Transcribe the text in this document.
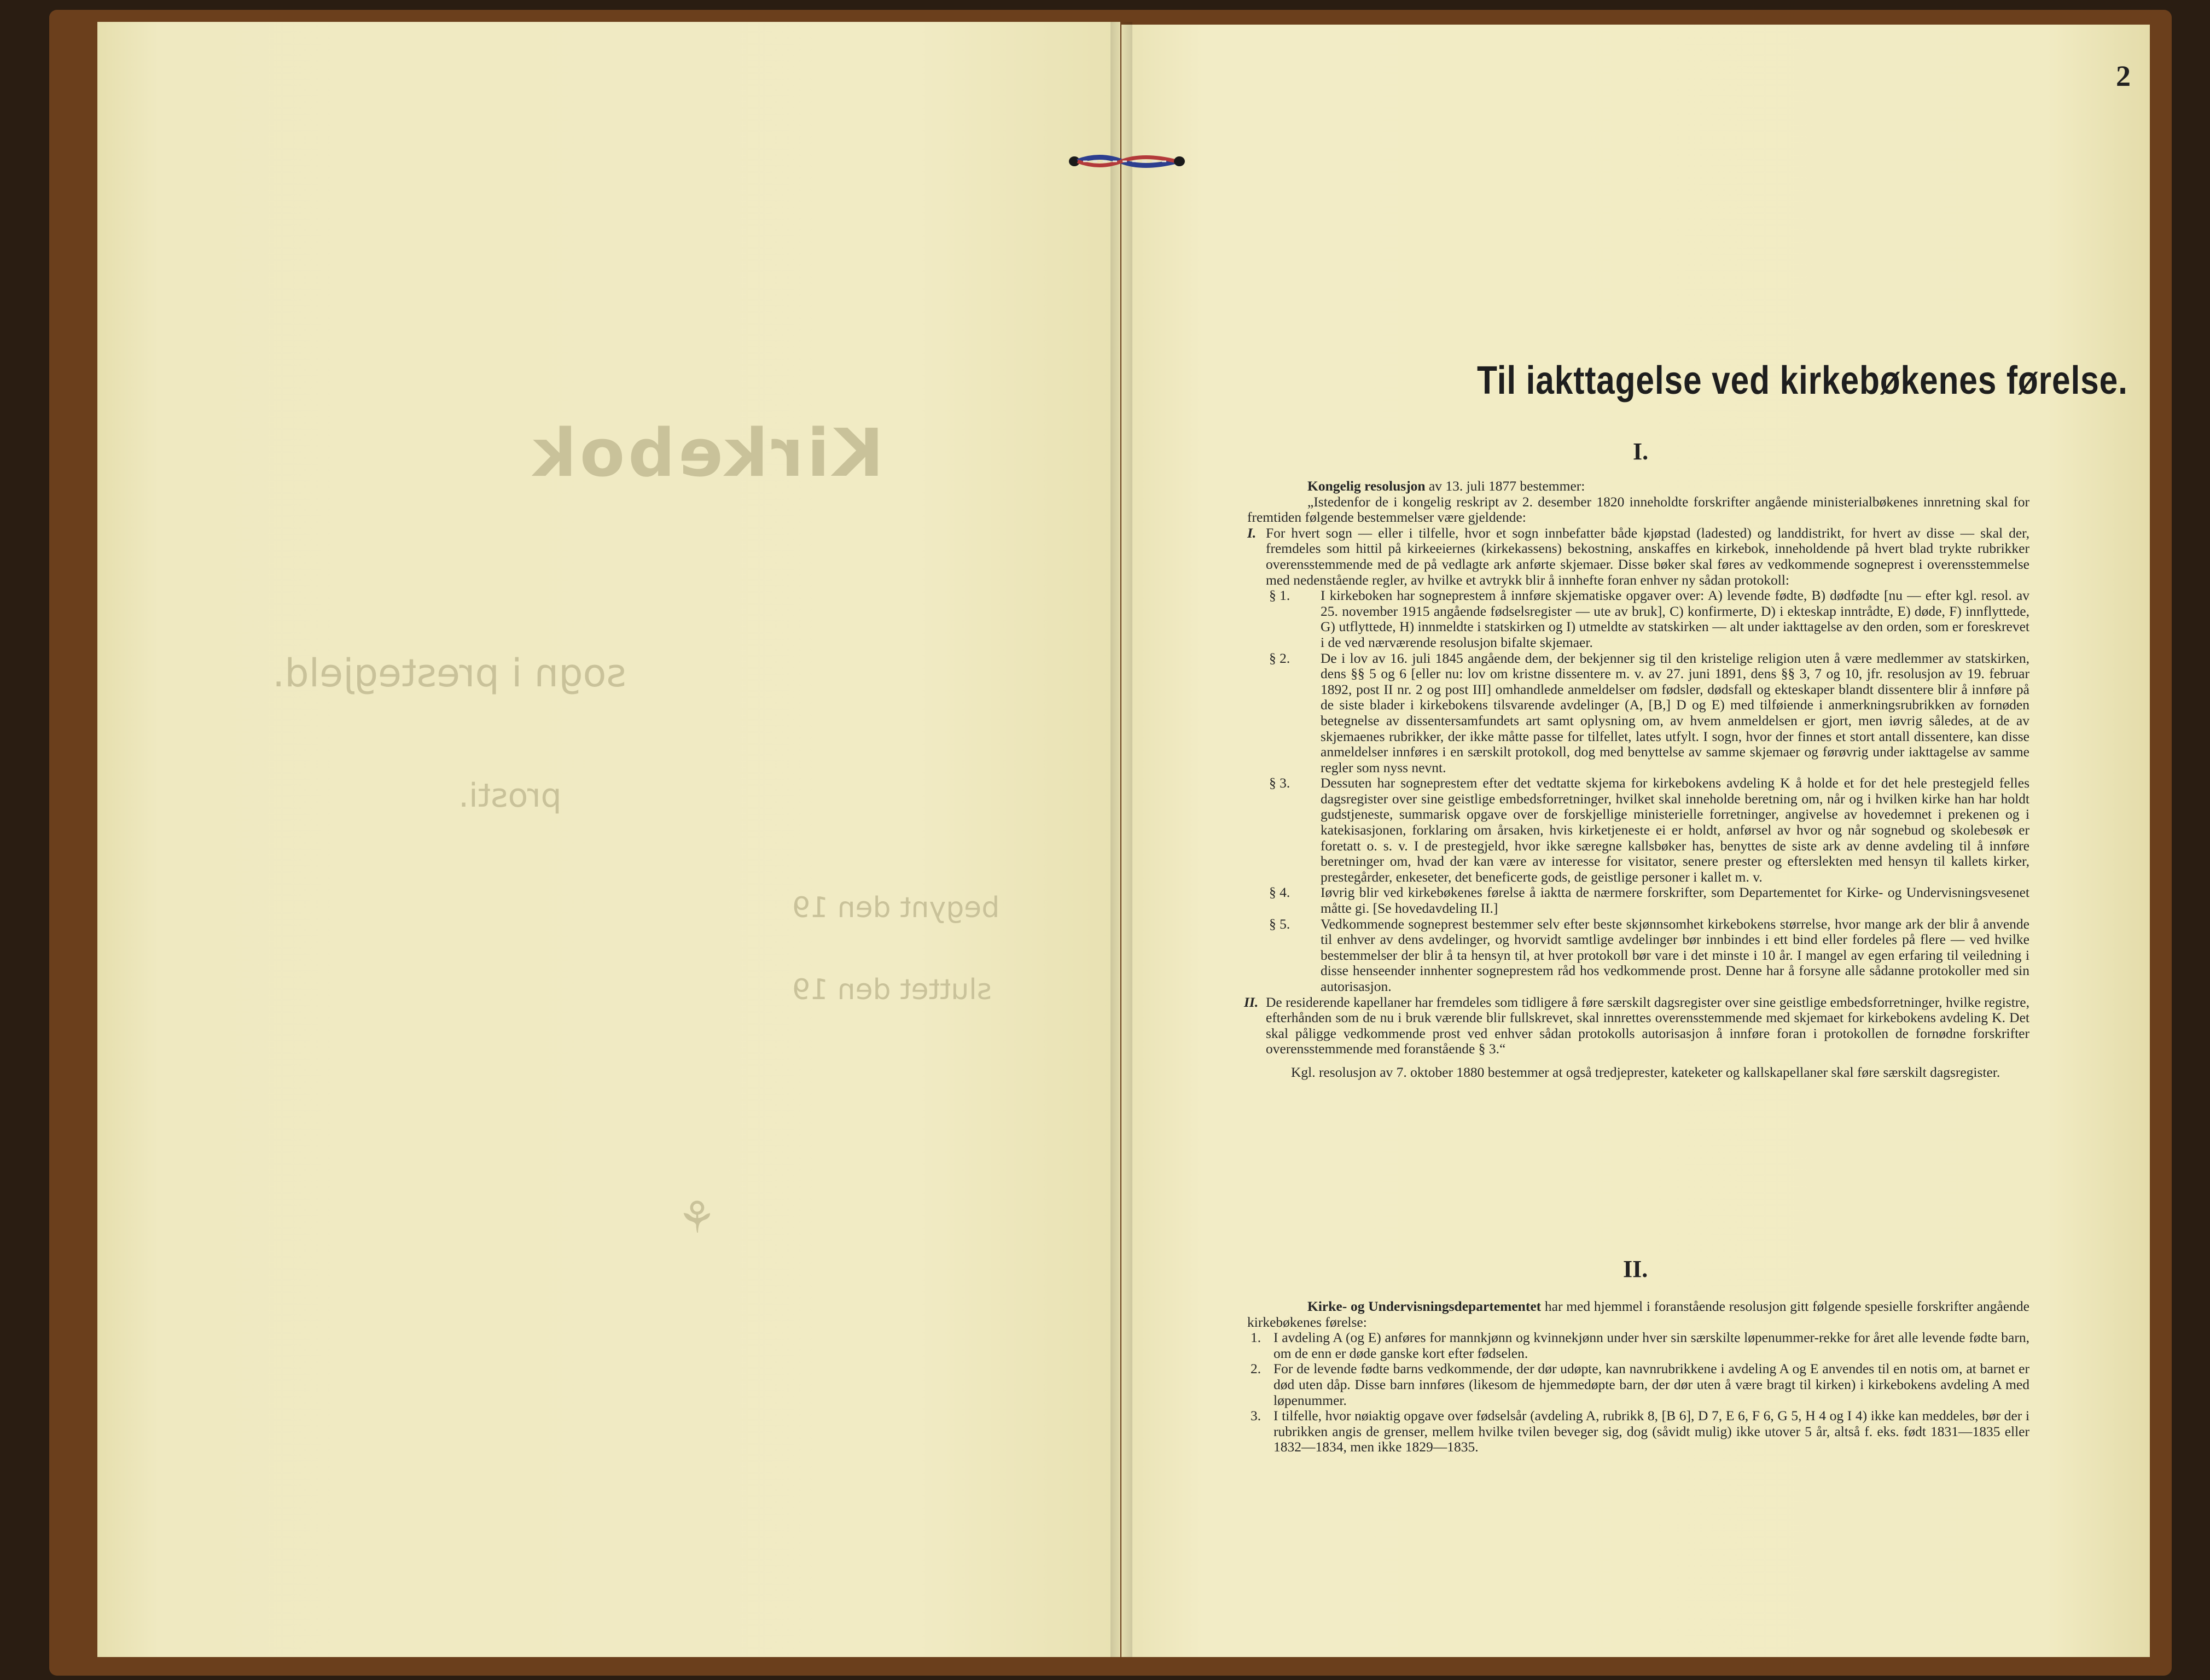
Kirkebok
sogn i prestegjeld.
prosti.
begynt den 19
sluttet den 19
⚘
2
Til iakttagelse ved kirkebøkenes førelse.
I.

Kongelig resolusjon av 13. juli 1877 bestemmer:

„Istedenfor de i kongelig reskript av 2. desember 1820 inneholdte forskrifter angående ministerialbøkenes innretning skal for fremtiden følgende bestemmelser være gjeldende:

I. For hvert sogn — eller i tilfelle, hvor et sogn innbefatter både kjøpstad (ladested) og landdistrikt, for hvert av disse — skal der, fremdeles som hittil på kirkeeiernes (kirkekassens) bekostning, anskaffes en kirkebok, inneholdende på hvert blad trykte rubrikker overensstemmende med de på vedlagte ark anførte skjemaer. Disse bøker skal føres av vedkommende sogneprest i overensstemmelse med nedenstående regler, av hvilke et avtrykk blir å innhefte foran enhver ny sådan protokoll:

§ 1.	I kirkeboken har sogneprestem å innføre skjematiske opgaver over: A) levende fødte, B) dødfødte [nu — efter kgl. resol. av 25. november 1915 angående fødselsregister — ute av bruk], C) konfirmerte, D) i ekteskap inntrådte, E) døde, F) innflyttede, G) utflyttede, H) innmeldte i statskirken og I) utmeldte av statskirken — alt under iakttagelse av den orden, som er foreskrevet i de ved nærværende resolusjon bifalte skjemaer.

§ 2.	De i lov av 16. juli 1845 angående dem, der bekjenner sig til den kristelige religion uten å være medlemmer av statskirken, dens §§ 5 og 6 [eller nu: lov om kristne dissentere m. v. av 27. juni 1891, dens §§ 3, 7 og 10, jfr. resolusjon av 19. februar 1892, post II nr. 2 og post III] omhandlede anmeldelser om fødsler, dødsfall og ekteskaper blandt dissentere blir å innføre på de siste blader i kirkebokens tilsvarende avdelinger (A, [B,] D og E) med tilføiende i anmerkningsrubrikken av fornøden betegnelse av dissentersamfundets art samt oplysning om, av hvem anmeldelsen er gjort, men iøvrig således, at de av skjemaenes rubrikker, der ikke måtte passe for tilfellet, lates utfylt. I sogn, hvor der finnes et stort antall dissentere, kan disse anmeldelser innføres i en særskilt protokoll, dog med benyttelse av samme skjemaer og førøvrig under iakttagelse av samme regler som nyss nevnt.

§ 3.	Dessuten har sogneprestem efter det vedtatte skjema for kirkebokens avdeling K å holde et for det hele prestegjeld felles dagsregister over sine geistlige embedsforretninger, hvilket skal inneholde beretning om, når og i hvilken kirke han har holdt gudstjeneste, summarisk opgave over de forskjellige ministerielle forretninger, angivelse av hovedemnet i prekenen og i katekisasjonen, forklaring om årsaken, hvis kirketjeneste ei er holdt, anførsel av hvor og når sognebud og skolebesøk er foretatt o. s. v. I de prestegjeld, hvor ikke særegne kallsbøker has, benyttes de siste ark av denne avdeling til å innføre beretninger om, hvad der kan være av interesse for visitator, senere prester og efterslekten med hensyn til kallets kirker, prestegårder, enkeseter, det beneficerte gods, de geistlige personer i kallet m. v.

§ 4.	Iøvrig blir ved kirkebøkenes førelse å iaktta de nærmere forskrifter, som Departementet for Kirke- og Undervisningsvesenet måtte gi. [Se hovedavdeling II.]

§ 5.	Vedkommende sogneprest bestemmer selv efter beste skjønnsomhet kirkebokens størrelse, hvor mange ark der blir å anvende til enhver av dens avdelinger, og hvorvidt samtlige avdelinger bør innbindes i ett bind eller fordeles på flere — ved hvilke bestemmelser der blir å ta hensyn til, at hver protokoll bør vare i det minste i 10 år. I mangel av egen erfaring til veiledning i disse henseender innhenter sogneprestem råd hos vedkommende prost. Denne har å forsyne alle sådanne protokoller med sin autorisasjon.

II. De residerende kapellaner har fremdeles som tidligere å føre særskilt dagsregister over sine geistlige embedsforretninger, hvilke registre, efterhånden som de nu i bruk værende blir fullskrevet, skal innrettes overensstemmende med skjemaet for kirkebokens avdeling K. Det skal påligge vedkommende prost ved enhver sådan protokolls autorisasjon å innføre foran i protokollen de fornødne forskrifter overensstemmende med foranstående § 3.“

Kgl. resolusjon av 7. oktober 1880 bestemmer at også tredjeprester, kateketer og kallskapellaner skal føre særskilt dagsregister.

II.

Kirke- og Undervisningsdepartementet har med hjemmel i foranstående resolusjon gitt følgende spesielle forskrifter angående kirkebøkenes førelse:

1. I avdeling A (og E) anføres for mannkjønn og kvinnekjønn under hver sin særskilte løpenummer-rekke for året alle levende fødte barn, om de enn er døde ganske kort efter fødselen.

2. For de levende fødte barns vedkommende, der dør udøpte, kan navnrubrikkene i avdeling A og E anvendes til en notis om, at barnet er død uten dåp. Disse barn innføres (likesom de hjemmedøpte barn, der dør uten å være bragt til kirken) i kirkebokens avdeling A med løpenummer.

3. I tilfelle, hvor nøiaktig opgave over fødselsår (avdeling A, rubrikk 8, [B 6], D 7, E 6, F 6, G 5, H 4 og I 4) ikke kan meddeles, bør der i rubrikken angis de grenser, mellem hvilke tvilen beveger sig, dog (såvidt mulig) ikke utover 5 år, altså f. eks. født 1831—1835 eller 1832—1834, men ikke 1829—1835.
